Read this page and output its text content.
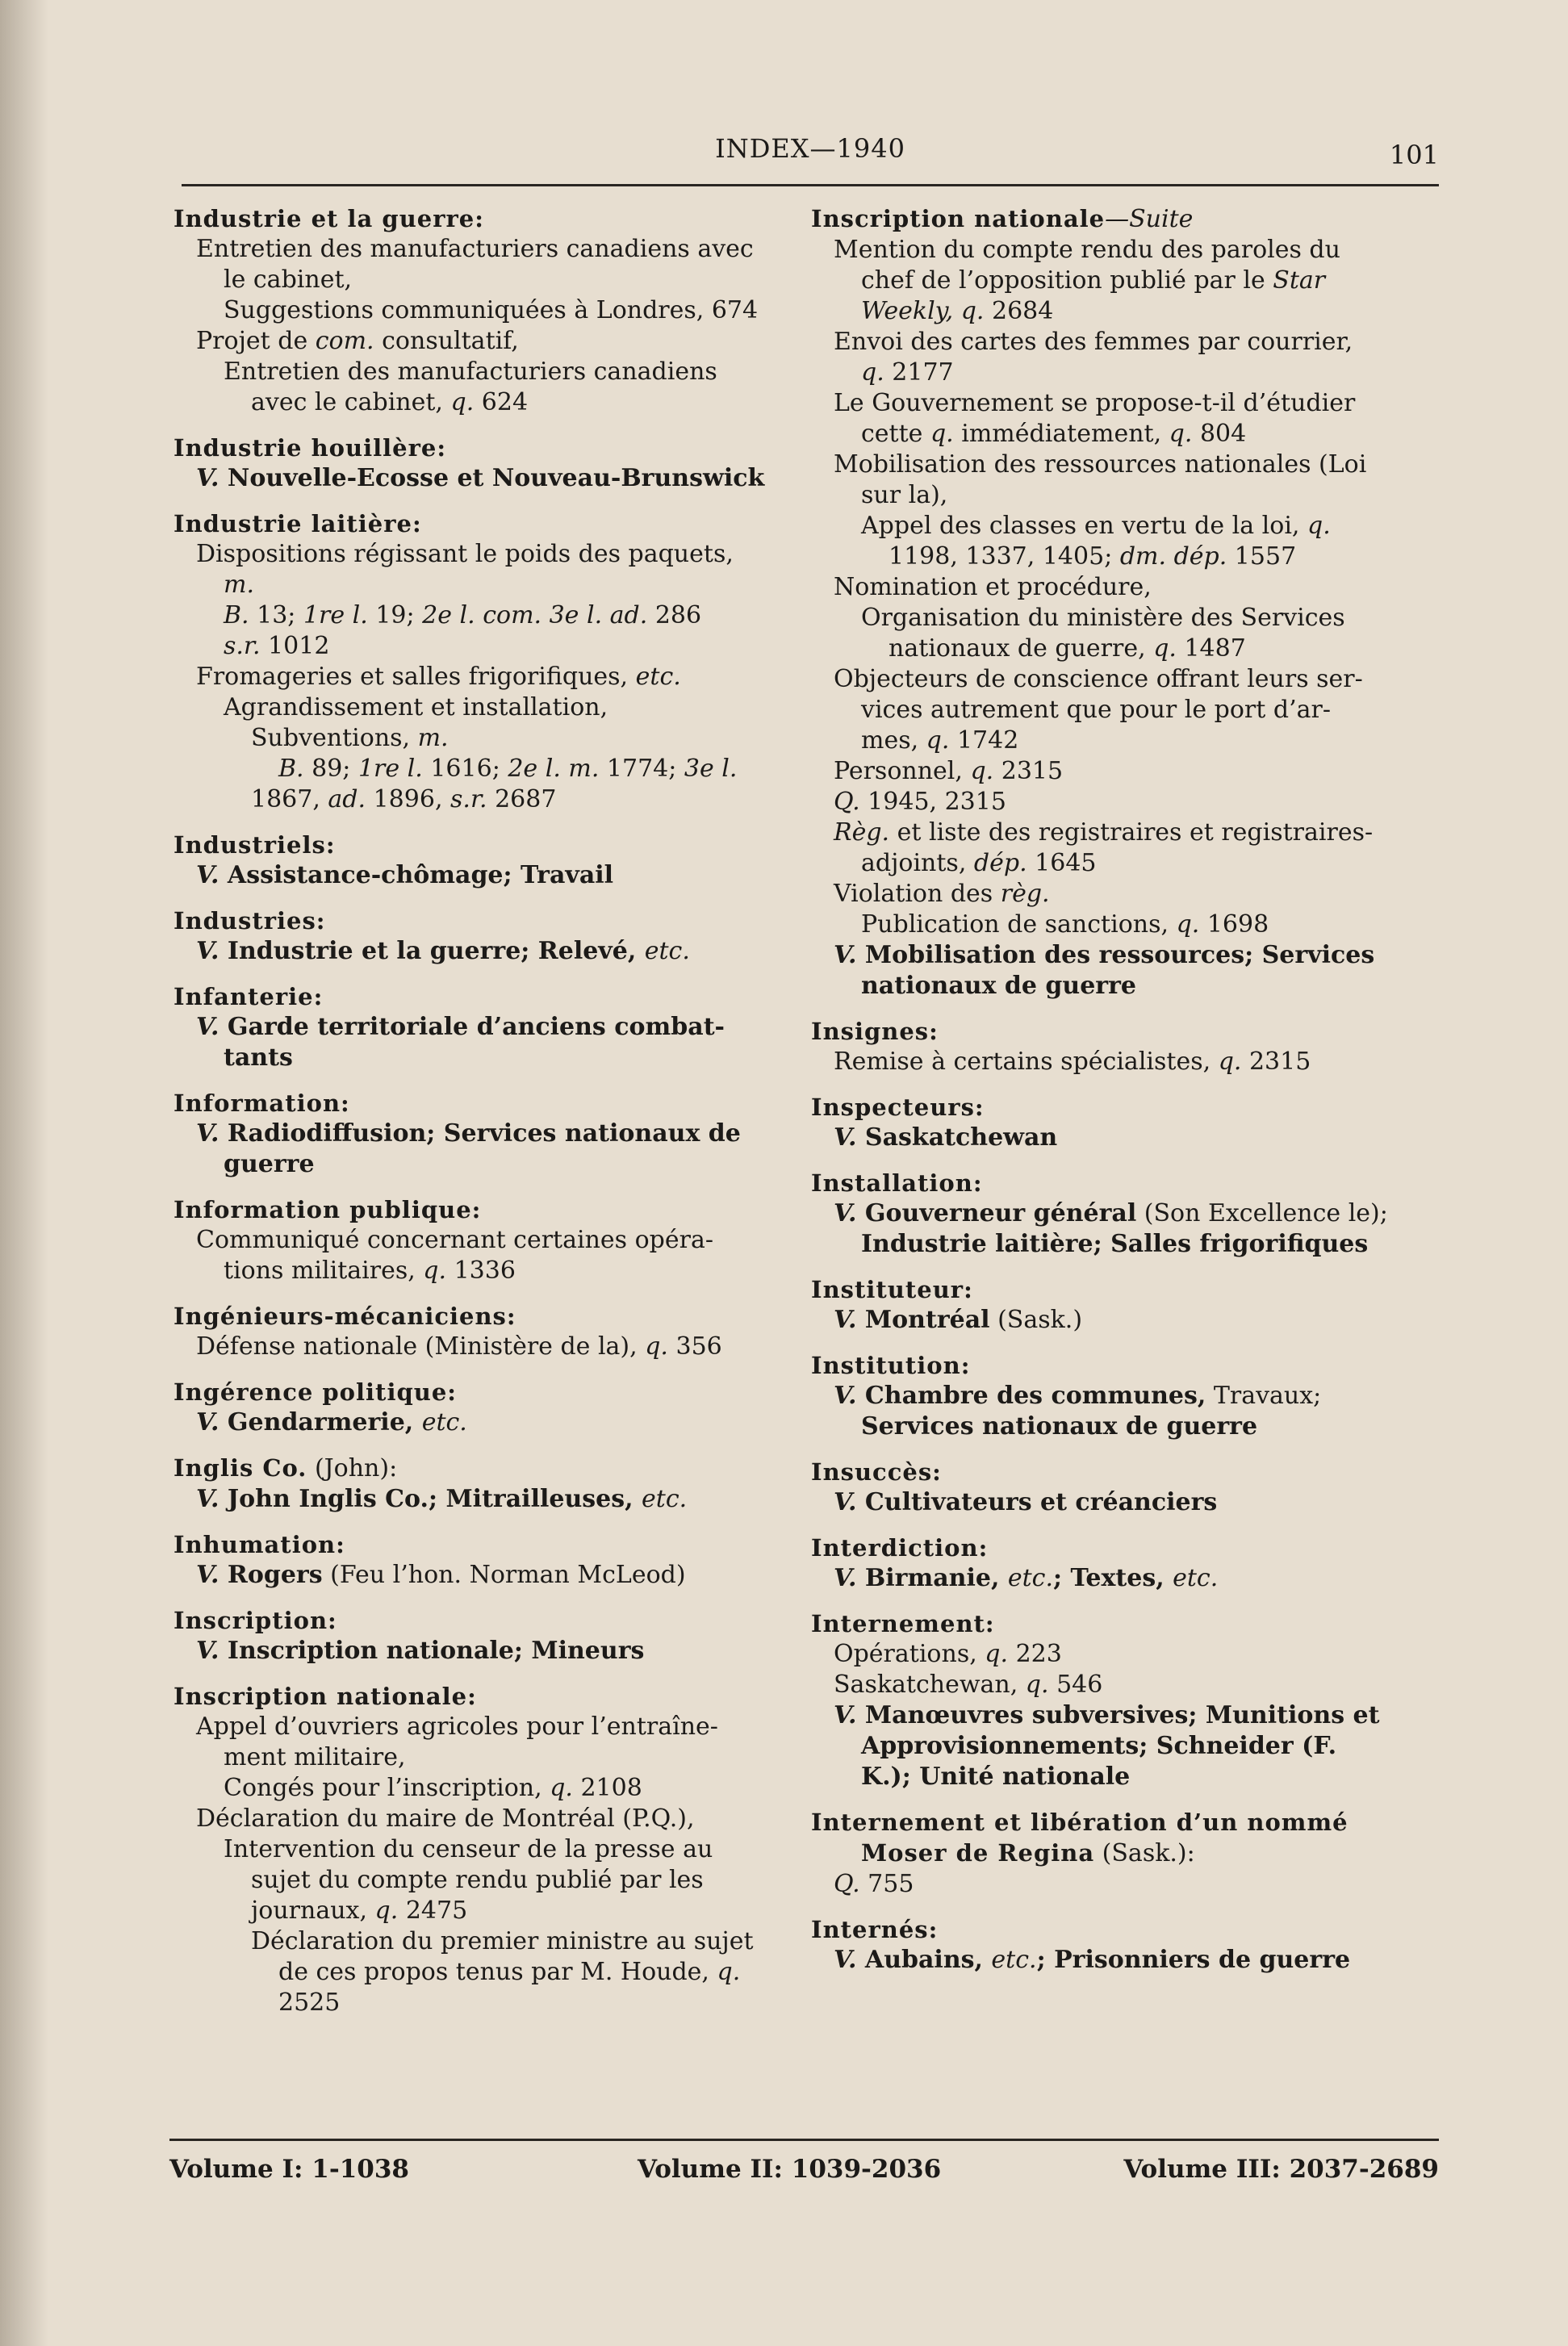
INDEX—1940	101
Industrie et la guerre:
Entretien des manufacturiers canadiens avec
le cabinet,
Suggestions communiquées à Londres, 674
Projet de com. consultatif,
Entretien des manufacturiers canadiens
avec le cabinet, q. 624
Industrie houillère:
V. Nouvelle-Ecosse et Nouveau-Brunswick
Industrie laitière:
Dispositions régissant le poids des paquets,
m.
B. 13; 1re l. 19; 2e l. com. 3e l. ad. 286
s.r. 1012
Fromageries et salles frigorifiques, etc.
Agrandissement et installation,
Subventions, m.
B. 89; 1re l. 1616; 2e l. m. 1774; 3e l.
1867, ad. 1896, s.r. 2687
Industriels:
V. Assistance-chômage; Travail
Industries:
V. Industrie et la guerre; Relevé, etc.
Infanterie:
V. Garde territoriale d’anciens combat-
tants
Information:
V. Radiodiffusion; Services nationaux de
guerre
Information publique:
Communiqué concernant certaines opéra-
tions militaires, q. 1336
Ingénieurs-mécaniciens:
Défense nationale (Ministère de la), q. 356
Ingérence politique:
V. Gendarmerie, etc.
Inglis Co. (John):
V. John Inglis Co.; Mitrailleuses, etc.
Inhumation:
V. Rogers (Feu l’hon. Norman McLeod)
Inscription:
V. Inscription nationale; Mineurs
Inscription nationale:
Appel d’ouvriers agricoles pour l’entraîne-
ment militaire,
Congés pour l’inscription, q. 2108
Déclaration du maire de Montréal (P.Q.),
Intervention du censeur de la presse au
sujet du compte rendu publié par les
journaux, q. 2475
Déclaration du premier ministre au sujet
de ces propos tenus par M. Houde, q.
2525
Inscription nationale—Suite
Mention du compte rendu des paroles du
chef de l’opposition publié par le Star
Weekly, q. 2684
Envoi des cartes des femmes par courrier,
q. 2177
Le Gouvernement se propose-t-il d’étudier
cette q. immédiatement, q. 804
Mobilisation des ressources nationales (Loi
sur la),
Appel des classes en vertu de la loi, q.
1198, 1337, 1405; dm. dép. 1557
Nomination et procédure,
Organisation du ministère des Services
nationaux de guerre, q. 1487
Objecteurs de conscience offrant leurs ser-
vices autrement que pour le port d’ar-
mes, q. 1742
Personnel, q. 2315
Q. 1945, 2315
Règ. et liste des registraires et registraires-
adjoints, dép. 1645
Violation des règ.
Publication de sanctions, q. 1698
V. Mobilisation des ressources; Services
nationaux de guerre
Insignes:
Remise à certains spécialistes, q. 2315
Inspecteurs:
V. Saskatchewan
Installation:
V. Gouverneur général (Son Excellence le);
Industrie laitière; Salles frigorifiques
Instituteur:
V. Montréal (Sask.)
Institution:
V. Chambre des communes, Travaux;
Services nationaux de guerre
Insuccès:
V. Cultivateurs et créanciers
Interdiction:
V. Birmanie, etc.; Textes, etc.
Internement:
Opérations, q. 223
Saskatchewan, q. 546
V. Manœuvres subversives; Munitions et
Approvisionnements; Schneider (F.
K.); Unité nationale
Internement et libération d’un nommé
Moser de Regina (Sask.):
Q. 755
Internés:
V. Aubains, etc.; Prisonniers de guerre
Volume I: 1-1038	Volume II: 1039-2036	Volume III: 2037-2689
